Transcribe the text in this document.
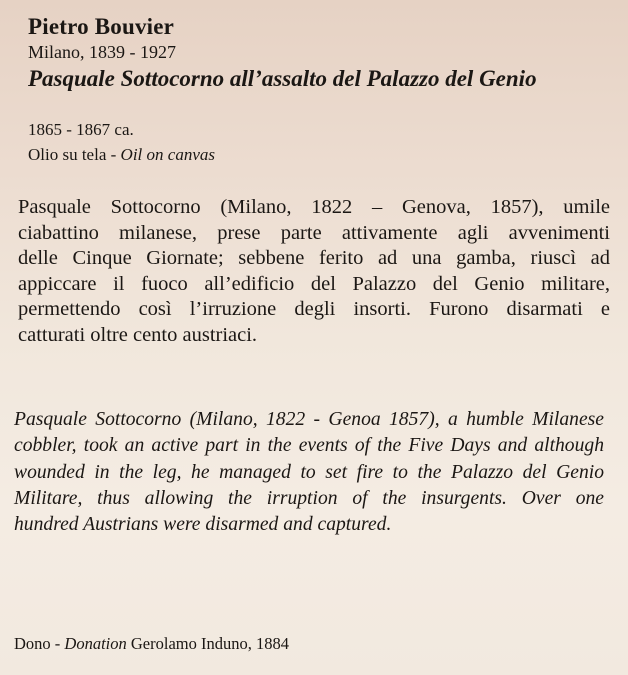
Pietro Bouvier
Milano, 1839 - 1927
Pasquale Sottocorno all’assalto del Palazzo del Genio
1865 - 1867 ca.
Olio su tela - Oil on canvas
Pasquale Sottocorno (Milano, 1822 – Genova, 1857), umile
ciabattino milanese, prese parte attivamente agli avvenimenti
delle Cinque Giornate; sebbene ferito ad una gamba, riuscì ad
appiccare il fuoco all’edificio del Palazzo del Genio militare,
permettendo così l’irruzione degli insorti. Furono disarmati e
catturati oltre cento austriaci.
Pasquale Sottocorno (Milano, 1822 - Genoa 1857), a humble Milanese
cobbler, took an active part in the events of the Five Days and although
wounded in the leg, he managed to set fire to the Palazzo del Genio
Militare, thus allowing the irruption of the insurgents. Over one
hundred Austrians were disarmed and captured.
Dono - Donation Gerolamo Induno, 1884
